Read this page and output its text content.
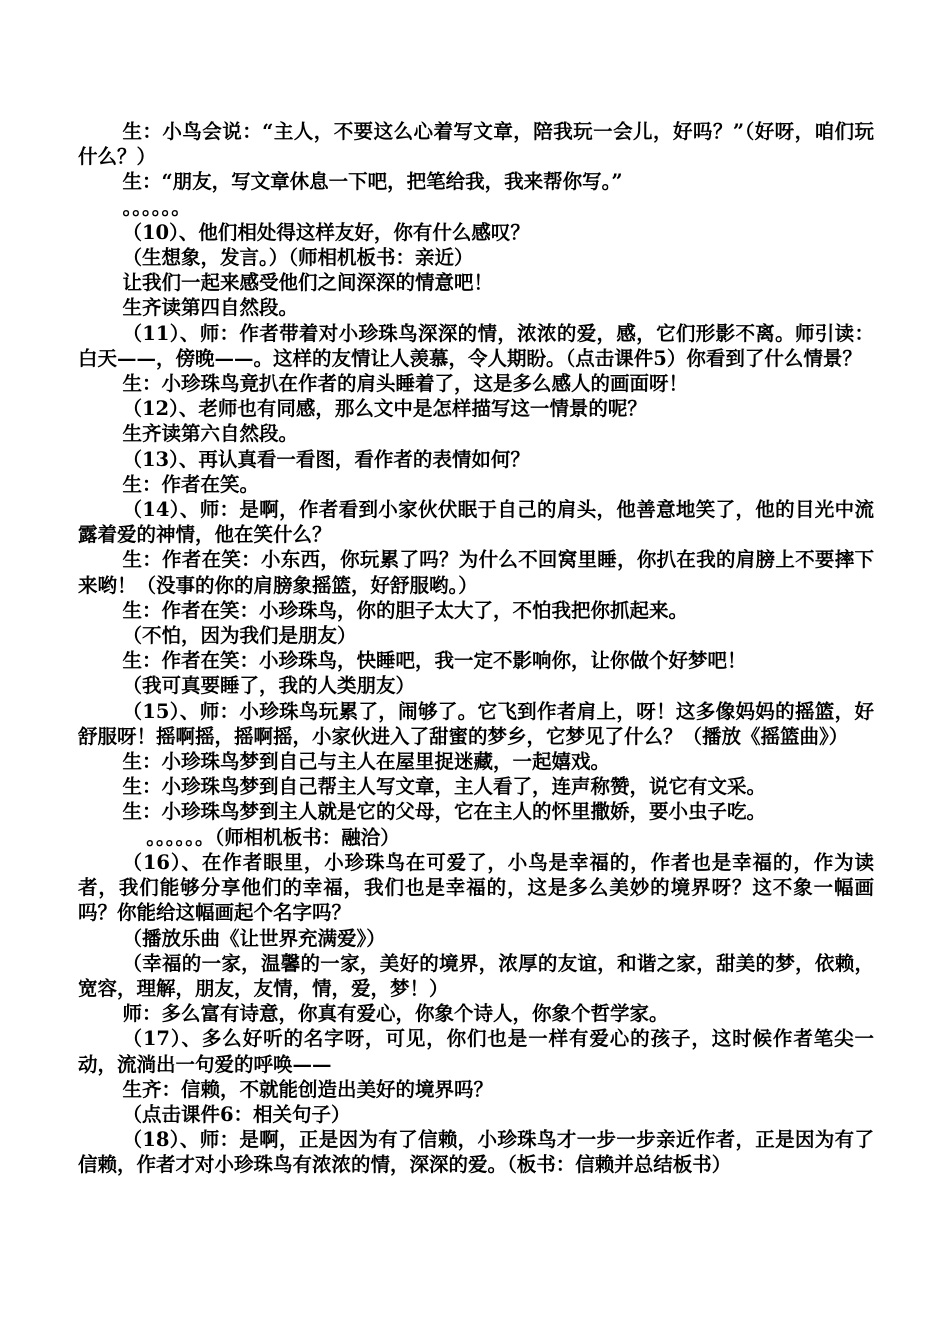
生：小鸟会说：“主人，不要这么心着写文章，陪我玩一会儿，好吗？”（好呀，咱们玩什么？）

生：“朋友，写文章休息一下吧，把笔给我，我来帮你写。”

。。。。。。

（10）、他们相处得这样友好，你有什么感叹？

（生想象，发言。）（师相机板书：亲近）

让我们一起来感受他们之间深深的情意吧！

生齐读第四自然段。

（11）、师：作者带着对小珍珠鸟深深的情，浓浓的爱，感，它们形影不离。师引读：白天——，傍晚——。这样的友情让人羡慕，令人期盼。（点击课件5）你看到了什么情景？

生：小珍珠鸟竟扒在作者的肩头睡着了，这是多么感人的画面呀！

（12）、老师也有同感，那么文中是怎样描写这一情景的呢？

生齐读第六自然段。

（13）、再认真看一看图，看作者的表情如何？

生：作者在笑。

（14）、师：是啊，作者看到小家伙伏眠于自己的肩头，他善意地笑了，他的目光中流露着爱的神情，他在笑什么？

生：作者在笑：小东西，你玩累了吗？为什么不回窝里睡，你扒在我的肩膀上不要摔下来哟！（没事的你的肩膀象摇篮，好舒服哟。）

生：作者在笑：小珍珠鸟，你的胆子太大了，不怕我把你抓起来。

（不怕，因为我们是朋友）

生：作者在笑：小珍珠鸟，快睡吧，我一定不影响你，让你做个好梦吧！

（我可真要睡了，我的人类朋友）

（15）、师：小珍珠鸟玩累了，闹够了。它飞到作者肩上，呀！这多像妈妈的摇篮，好舒服呀！摇啊摇，摇啊摇，小家伙进入了甜蜜的梦乡，它梦见了什么？（播放《摇篮曲》）

生：小珍珠鸟梦到自己与主人在屋里捉迷藏，一起嬉戏。

生：小珍珠鸟梦到自己帮主人写文章，主人看了，连声称赞，说它有文采。

生：小珍珠鸟梦到主人就是它的父母，它在主人的怀里撒娇，要小虫子吃。

。。。。。。（师相机板书：融洽）

（16）、在作者眼里，小珍珠鸟在可爱了，小鸟是幸福的，作者也是幸福的，作为读者，我们能够分享他们的幸福，我们也是幸福的，这是多么美妙的境界呀？这不象一幅画吗？你能给这幅画起个名字吗？

（播放乐曲《让世界充满爱》）

（幸福的一家，温馨的一家，美好的境界，浓厚的友谊，和谐之家，甜美的梦，依赖，宽容，理解，朋友，友情，情，爱，梦！）

师：多么富有诗意，你真有爱心，你象个诗人，你象个哲学家。

（17）、多么好听的名字呀，可见，你们也是一样有爱心的孩子，这时候作者笔尖一动，流淌出一句爱的呼唤——

生齐：信赖，不就能创造出美好的境界吗？

（点击课件6：相关句子）

（18）、师：是啊，正是因为有了信赖，小珍珠鸟才一步一步亲近作者，正是因为有了信赖，作者才对小珍珠鸟有浓浓的情，深深的爱。（板书：信赖并总结板书）
